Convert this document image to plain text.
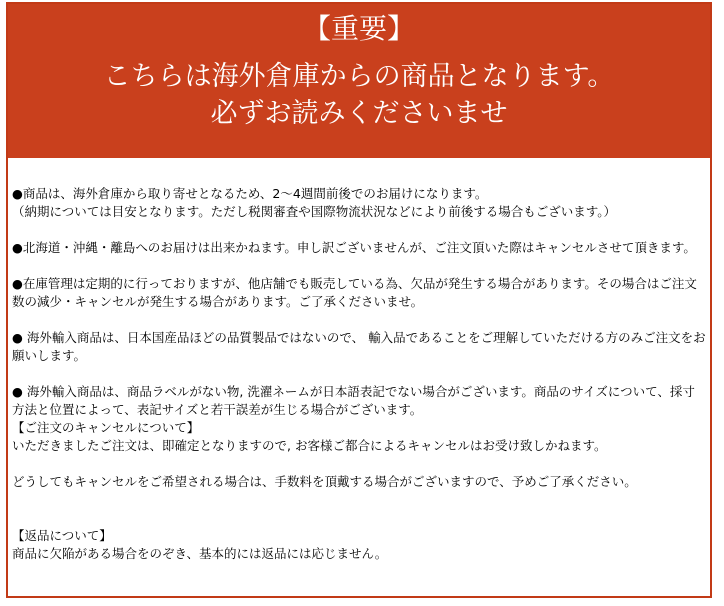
【重要】
こちらは海外倉庫からの商品となります。
必ずお読みくださいませ

●商品は、海外倉庫から取り寄せとなるため、2～4週間前後でのお届けになります。
（納期については目安となります。ただし税関審査や国際物流状況などにより前後する場合もございます。）

●北海道・沖縄・離島へのお届けは出来かねます。申し訳ございませんが、ご注文頂いた際はキャンセルさせて頂きます。

●在庫管理は定期的に行っておりますが、他店舗でも販売している為、欠品が発生する場合があります。その場合はご注文数の減少・キャンセルが発生する場合があります。ご了承くださいませ。

● 海外輸入商品は、日本国産品ほどの品質製品ではないので、 輸入品であることをご理解していただける方のみご注文をお願いします。

● 海外輸入商品は、商品ラベルがない物, 洗濯ネームが日本語表記でない場合がございます。商品のサイズについて、採寸方法と位置によって、表記サイズと若干誤差が生じる場合がございます。

【ご注文のキャンセルについて】

いただきましたご注文は、即確定となりますので, お客様ご都合によるキャンセルはお受け致しかねます。

どうしてもキャンセルをご希望される場合は、手数料を頂戴する場合がございますので、予めご了承ください。

【返品について】

商品に欠陥がある場合をのぞき、基本的には返品には応じません。
